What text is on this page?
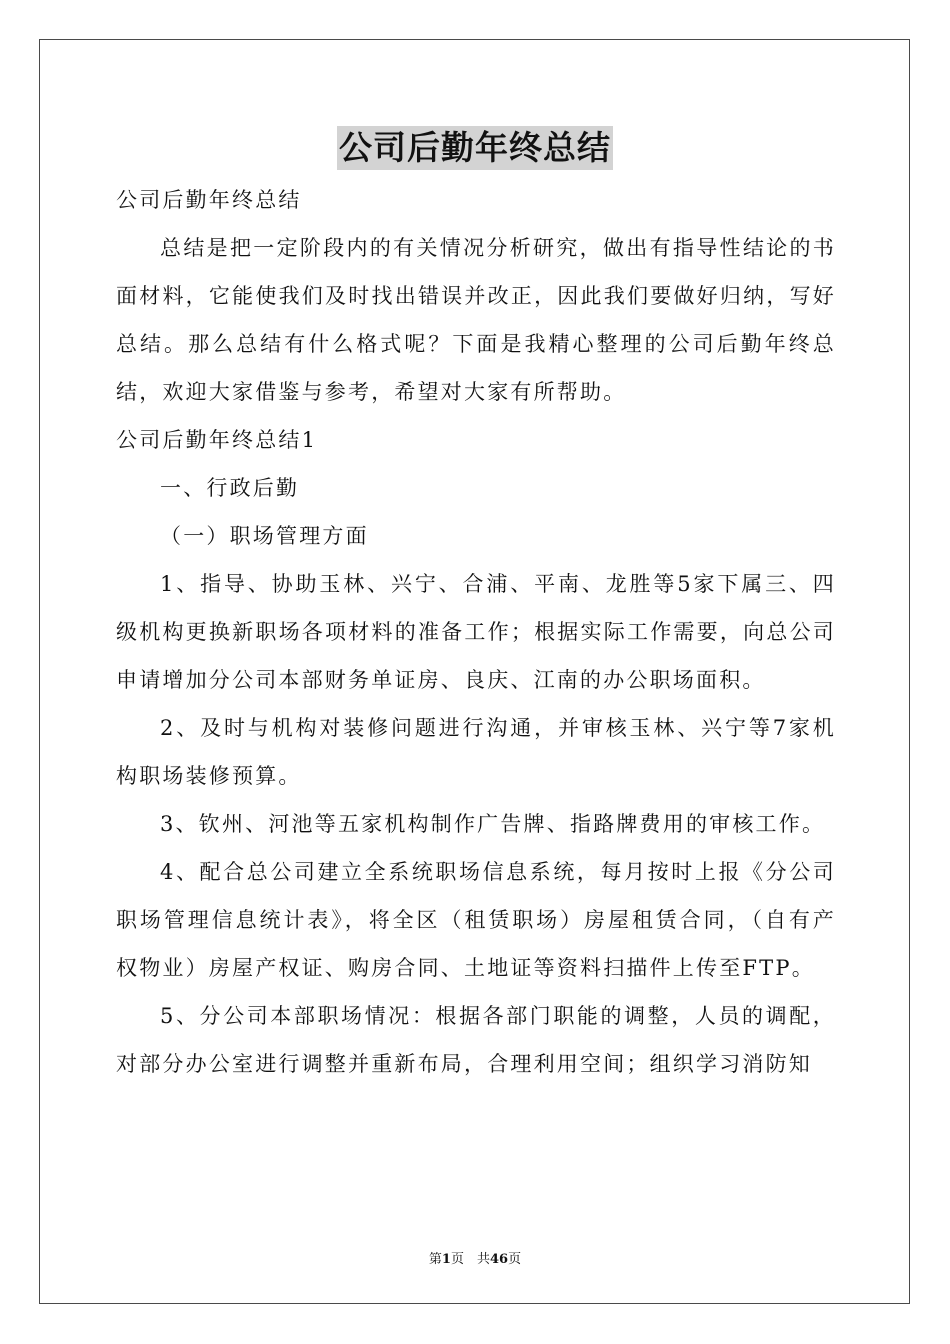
公司后勤年终总结

公司后勤年终总结

总结是把一定阶段内的有关情况分析研究，做出有指导性结论的书面材料，它能使我们及时找出错误并改正，因此我们要做好归纳，写好总结。那么总结有什么格式呢？下面是我精心整理的公司后勤年终总结，欢迎大家借鉴与参考，希望对大家有所帮助。

公司后勤年终总结1

一、行政后勤

（一）职场管理方面

1、指导、协助玉林、兴宁、合浦、平南、龙胜等5家下属三、四级机构更换新职场各项材料的准备工作；根据实际工作需要，向总公司申请增加分公司本部财务单证房、良庆、江南的办公职场面积。

2、及时与机构对装修问题进行沟通，并审核玉林、兴宁等7家机构职场装修预算。

3、钦州、河池等五家机构制作广告牌、指路牌费用的审核工作。

4、配合总公司建立全系统职场信息系统，每月按时上报《分公司职场管理信息统计表》，将全区（租赁职场）房屋租赁合同，（自有产权物业）房屋产权证、购房合同、土地证等资料扫描件上传至FTP。

5、分公司本部职场情况：根据各部门职能的调整，人员的调配，对部分办公室进行调整并重新布局，合理利用空间；组织学习消防知

第1页　共46页
